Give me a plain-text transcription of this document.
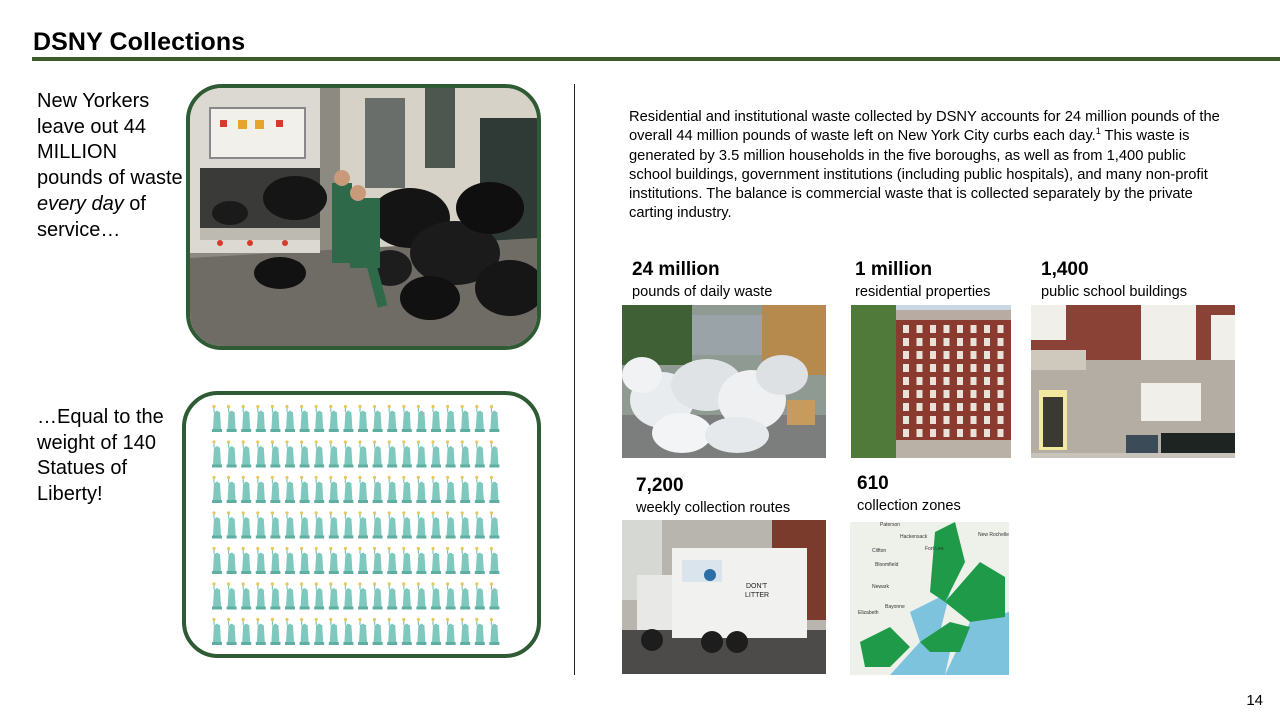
DSNY Collections

New Yorkers leave out 44 MILLION pounds of waste every day of service…

…Equal to the weight of 140 Statues of Liberty!

Residential and institutional waste collected by DSNY accounts for 24 million pounds of the overall 44 million pounds of waste left on New York City curbs each day.$^1$ This waste is generated by 3.5 million households in the five boroughs, as well as from 1,400 public school buildings, government institutions (including public hospitals), and many non-profit institutions. The balance is commercial waste that is collected separately by the private carting industry.

24 million

pounds of daily waste

1 million

residential properties

1,400

public school buildings

7,200

weekly collection routes

610

collection zones

DON'T
LITTER
Paterson
Hackensack
Clifton	Fort Lee
Bloomfield
New Rochelle
Newark
Elizabeth
Bayonne
14
